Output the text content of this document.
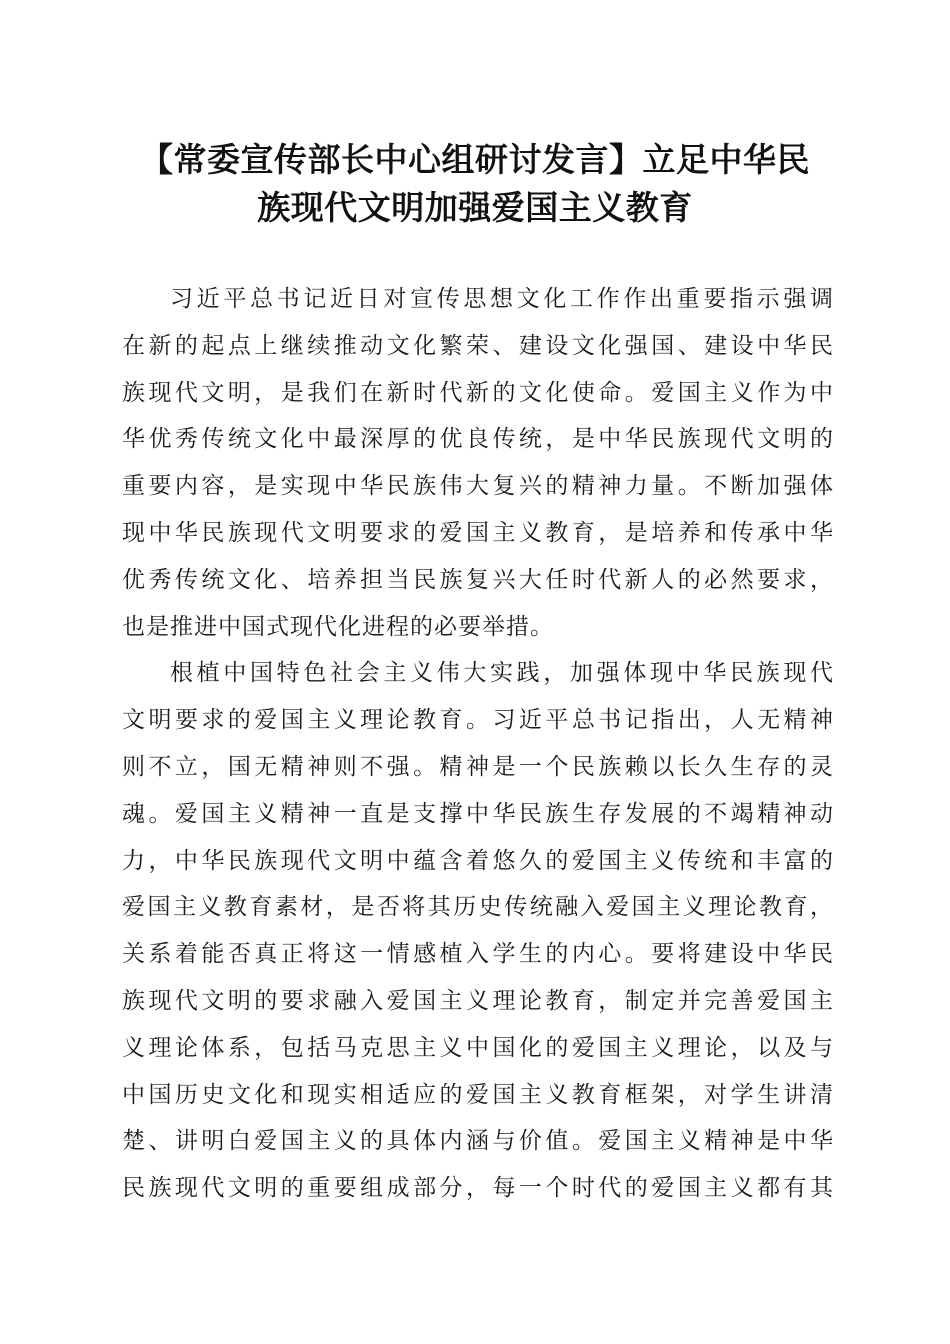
【常委宣传部长中心组研讨发言】立足中华民
族现代文明加强爱国主义教育
习近平总书记近日对宣传思想文化工作作出重要指示强调
在新的起点上继续推动文化繁荣、建设文化强国、建设中华民
族现代文明，是我们在新时代新的文化使命。爱国主义作为中
华优秀传统文化中最深厚的优良传统，是中华民族现代文明的
重要内容，是实现中华民族伟大复兴的精神力量。不断加强体
现中华民族现代文明要求的爱国主义教育，是培养和传承中华
优秀传统文化、培养担当民族复兴大任时代新人的必然要求，
也是推进中国式现代化进程的必要举措。
根植中国特色社会主义伟大实践，加强体现中华民族现代
文明要求的爱国主义理论教育。习近平总书记指出，人无精神
则不立，国无精神则不强。精神是一个民族赖以长久生存的灵
魂。爱国主义精神一直是支撑中华民族生存发展的不竭精神动
力，中华民族现代文明中蕴含着悠久的爱国主义传统和丰富的
爱国主义教育素材，是否将其历史传统融入爱国主义理论教育，
关系着能否真正将这一情感植入学生的内心。要将建设中华民
族现代文明的要求融入爱国主义理论教育，制定并完善爱国主
义理论体系，包括马克思主义中国化的爱国主义理论，以及与
中国历史文化和现实相适应的爱国主义教育框架，对学生讲清
楚、讲明白爱国主义的具体内涵与价值。爱国主义精神是中华
民族现代文明的重要组成部分，每一个时代的爱国主义都有其
